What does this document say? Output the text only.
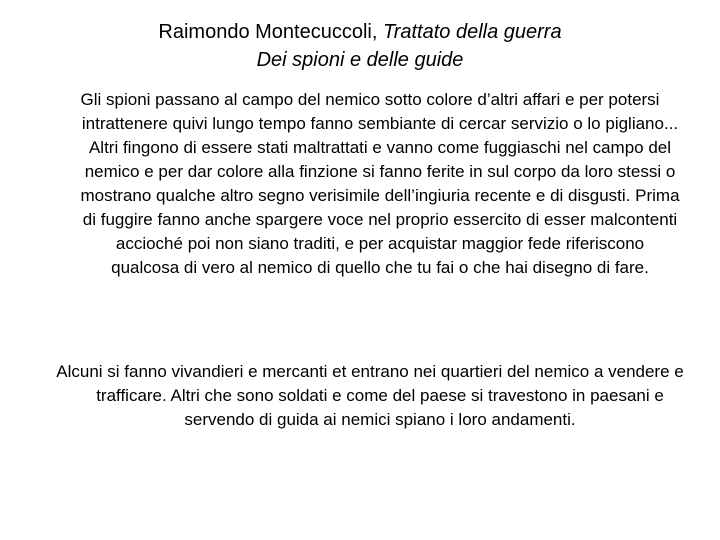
Raimondo Montecuccoli, Trattato della guerra
Dei spioni e delle guide
Gli spioni passano al campo del nemico sotto colore d’altri affari e per potersi intrattenere quivi lungo tempo fanno sembiante di cercar servizio o lo pigliano... Altri fingono di essere stati maltrattati e vanno come fuggiaschi nel campo del nemico e per dar colore alla finzione si fanno ferite in sul corpo da loro stessi o mostrano qualche altro segno verisimile dell’ingiuria recente e di disgusti. Prima di fuggire fanno anche spargere voce nel proprio essercito di esser malcontenti accioché poi non siano traditi, e per acquistar maggior fede riferiscono qualcosa di vero al nemico di quello che tu fai o che hai disegno di fare.
Alcuni si fanno vivandieri e mercanti et entrano nei quartieri del nemico a vendere e trafficare. Altri che sono soldati e come del paese si travestono in paesani e servendo di guida ai nemici spiano i loro andamenti.
